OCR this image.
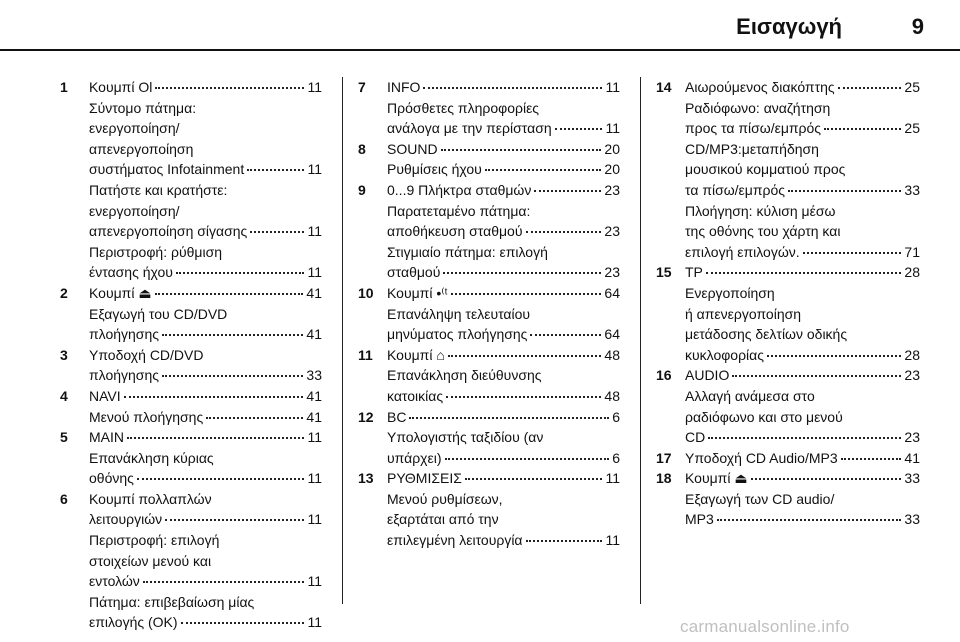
Εισαγωγή	9
1 Κουμπί Ol	11
Σύντομο πάτημα:
ενεργοποίηση/
απενεργοποίηση
συστήματος Infotainment	11
Πατήστε και κρατήστε:
ενεργοποίηση/
απενεργοποίηση σίγασης	11
Περιστροφή: ρύθμιση
έντασης ήχου	11
2 Κουμπί ⏏	41
Εξαγωγή του CD/DVD
πλοήγησης	41
3 Υποδοχή CD/DVD
πλοήγησης	33
4 NAVI	41
Μενού πλοήγησης	41
5 MAIN	11
Επανάκληση κύριας
οθόνης	11
6 Κουμπί πολλαπλών
λειτουργιών	11
Περιστροφή: επιλογή
στοιχείων μενού και
εντολών	11
Πάτημα: επιβεβαίωση μίας
επιλογής (OK)	11
7 INFO	11
Πρόσθετες πληροφορίες
ανάλογα με την περίσταση	11
8 SOUND	20
Ρυθμίσεις ήχου	20
9 0...9 Πλήκτρα σταθμών	23
Παρατεταμένο πάτημα:
αποθήκευση σταθμού	23
Στιγμιαίο πάτημα: επιλογή
σταθμού	23
10 Κουμπί •⁽ᵗ	64
Επανάληψη τελευταίου
μηνύματος πλοήγησης	64
11 Κουμπί ⌂	48
Επανάκληση διεύθυνσης
κατοικίας	48
12 BC	6
Υπολογιστής ταξιδίου (αν
υπάρχει)	6
13 ΡΥΘΜΙΣΕΙΣ	11
Μενού ρυθμίσεων,
εξαρτάται από την
επιλεγμένη λειτουργία	11
14 Αιωρούμενος διακόπτης	25
Ραδιόφωνο: αναζήτηση
προς τα πίσω/εμπρός	25
CD/MP3:μεταπήδηση
μουσικού κομματιού προς
τα πίσω/εμπρός	33
Πλοήγηση: κύλιση μέσω
της οθόνης του χάρτη και
επιλογή επιλογών.	71
15 TP	28
Ενεργοποίηση
ή απενεργοποίηση
μετάδοσης δελτίων οδικής
κυκλοφορίας	28
16 AUDIO	23
Αλλαγή ανάμεσα στο
ραδιόφωνο και στο μενού
CD	23
17 Υποδοχή CD Audio/MP3	41
18 Κουμπί ⏏	33
Εξαγωγή των CD audio/
MP3	33
carmanualsonline.info
